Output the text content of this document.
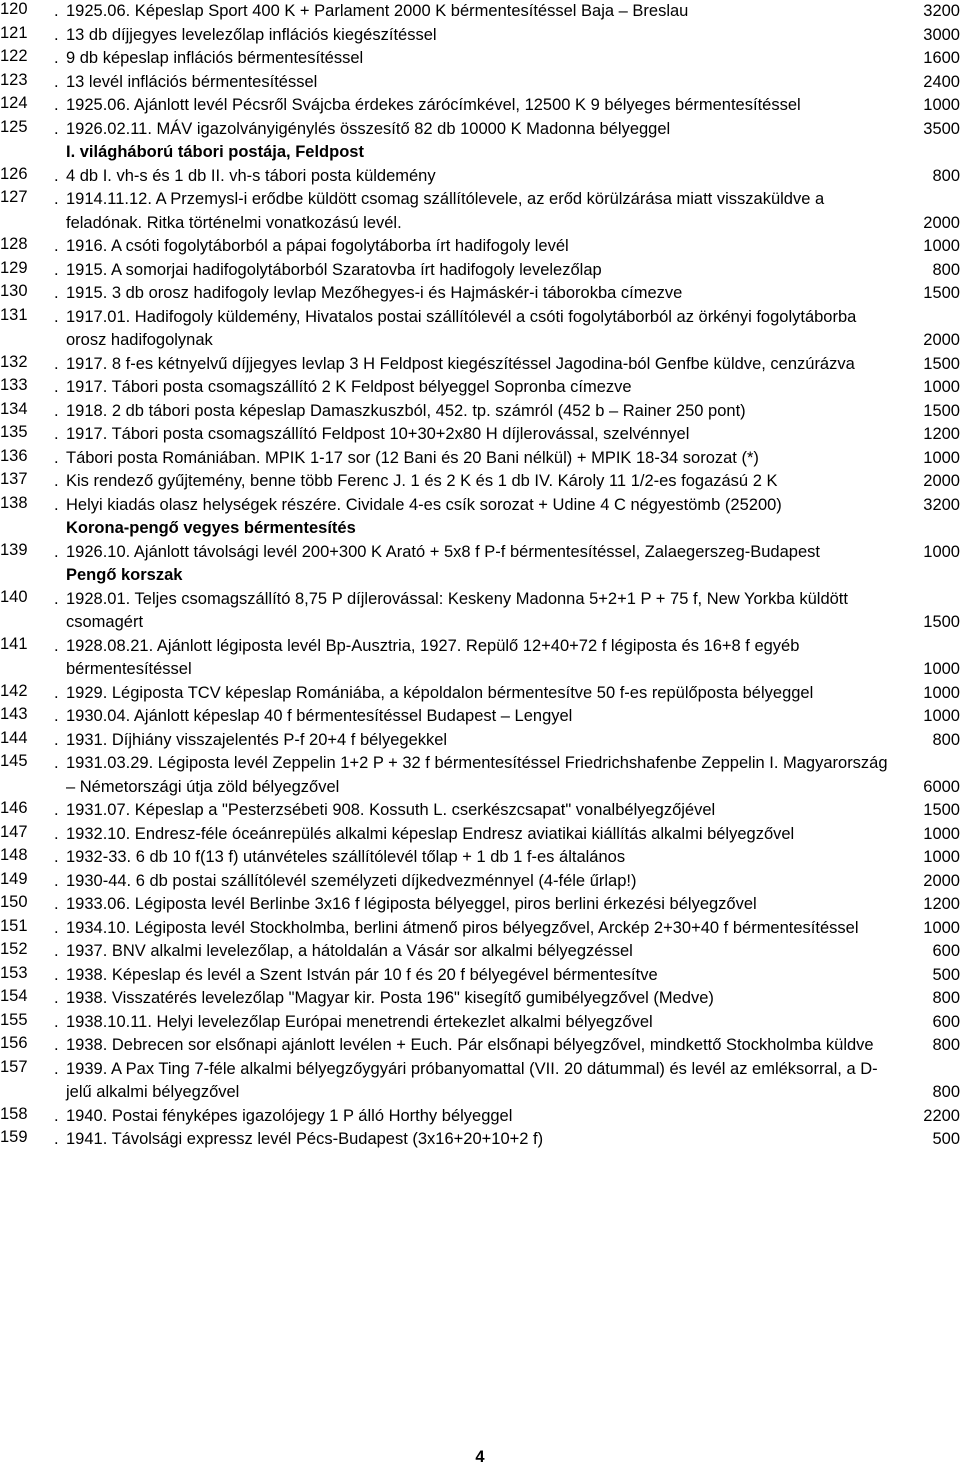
120	. 1925.06. Képeslap Sport 400 K + Parlament 2000 K bérmentesítéssel Baja – Breslau	3200
121	. 13 db díjjegyes levelezőlap inflációs kiegészítéssel	3000
122	. 9 db képeslap inflációs bérmentesítéssel	1600
123	. 13 levél inflációs bérmentesítéssel	2400
124	. 1925.06. Ajánlott levél Pécsről Svájcba érdekes zárócímkével, 12500 K 9 bélyeges bérmentesítéssel	1000
125	. 1926.02.11. MÁV igazolványigénylés összesítő 82 db 10000 K Madonna bélyeggel	3500
I. világháború tábori postája, Feldpost
126	. 4 db I. vh-s és 1 db II. vh-s tábori posta küldemény	800
127	. 1914.11.12. A Przemysl-i erődbe küldött csomag szállítólevele, az erőd körülzárása miatt visszaküldve a feladónak. Ritka történelmi vonatkozású levél.	2000
128	. 1916. A csóti fogolytáborból a pápai fogolytáborba írt hadifogoly levél	1000
129	. 1915. A somorjai hadifogolytáborból Szaratovba írt hadifogoly levelezőlap	800
130	. 1915. 3 db orosz hadifogoly levlap Mezőhegyes-i és Hajmáskér-i táborokba címezve	1500
131	. 1917.01. Hadifogoly küldemény, Hivatalos postai szállítólevél a csóti fogolytáborból az örkényi fogolytáborba orosz hadifogolynak	2000
132	. 1917. 8 f-es kétnyelvű díjjegyes levlap 3 H Feldpost kiegészítéssel Jagodina-ból Genfbe küldve, cenzúrázva	1500
133	. 1917. Tábori posta csomagszállító 2 K Feldpost bélyeggel Sopronba címezve	1000
134	. 1918. 2 db tábori posta képeslap Damaszkuszból, 452. tp. számról (452 b – Rainer 250 pont)	1500
135	. 1917. Tábori posta csomagszállító Feldpost 10+30+2x80 H díjlerovással, szelvénnyel	1200
136	. Tábori posta Romániában. MPIK 1-17 sor (12 Bani és 20 Bani nélkül) + MPIK 18-34 sorozat (*)	1000
137	. Kis rendező gyűjtemény, benne több Ferenc J. 1 és 2 K és 1 db IV. Károly 11 1/2-es fogazású 2 K	2000
138	. Helyi kiadás olasz helységek részére. Cividale 4-es csík sorozat + Udine 4 C négyestömb (25200)	3200
Korona-pengő vegyes bérmentesítés
139	. 1926.10. Ajánlott távolsági levél 200+300 K Arató + 5x8 f P-f bérmentesítéssel, Zalaegerszeg-Budapest	1000
Pengő korszak
140	. 1928.01. Teljes csomagszállító 8,75 P díjlerovással: Keskeny Madonna 5+2+1 P + 75 f, New Yorkba küldött csomagért	1500
141	. 1928.08.21. Ajánlott légiposta levél Bp-Ausztria, 1927. Repülő 12+40+72 f légiposta és 16+8 f egyéb bérmentesítéssel	1000
142	. 1929. Légiposta TCV képeslap Romániába, a képoldalon bérmentesítve 50 f-es repülőposta bélyeggel	1000
143	. 1930.04. Ajánlott képeslap 40 f bérmentesítéssel Budapest – Lengyel	1000
144	. 1931. Díjhiány visszajelentés P-f 20+4 f bélyegekkel	800
145	. 1931.03.29. Légiposta levél Zeppelin 1+2 P + 32 f bérmentesítéssel Friedrichshafenbe Zeppelin I. Magyarország – Németországi útja zöld bélyegzővel	6000
146	. 1931.07. Képeslap a "Pesterzsébeti 908. Kossuth L. cserkészcsapat" vonalbélyegzőjével	1500
147	. 1932.10. Endresz-féle óceánrepülés alkalmi képeslap Endresz aviatikai kiállítás alkalmi bélyegzővel	1000
148	. 1932-33. 6 db 10 f(13 f) utánvételes szállítólevél tőlap + 1 db 1 f-es általános	1000
149	. 1930-44. 6 db postai szállítólevél személyzeti díjkedvezménnyel (4-féle űrlap!)	2000
150	. 1933.06. Légiposta levél Berlinbe 3x16 f légiposta bélyeggel, piros berlini érkezési bélyegzővel	1200
151	. 1934.10. Légiposta levél Stockholmba, berlini átmenő piros bélyegzővel, Arckép 2+30+40 f bérmentesítéssel	1000
152	. 1937. BNV alkalmi levelezőlap, a hátoldalán a Vásár sor alkalmi bélyegzéssel	600
153	. 1938. Képeslap és levél a Szent István pár 10 f és 20 f bélyegével bérmentesítve	500
154	. 1938. Visszatérés levelezőlap "Magyar kir. Posta 196" kisegítő gumibélyegzővel (Medve)	800
155	. 1938.10.11. Helyi levelezőlap Európai menetrendi értekezlet alkalmi bélyegzővel	600
156	. 1938. Debrecen sor elsőnapi ajánlott levélen + Euch. Pár elsőnapi bélyegzővel, mindkettő Stockholmba küldve	800
157	. 1939. A Pax Ting 7-féle alkalmi bélyegzőygyári próbanyomattal (VII. 20 dátummal) és levél az emléksorral, a D-jelű alkalmi bélyegzővel	800
158	. 1940. Postai fényképes igazolójegy 1 P álló Horthy bélyeggel	2200
159	. 1941. Távolsági expressz levél Pécs-Budapest (3x16+20+10+2 f)	500
4
